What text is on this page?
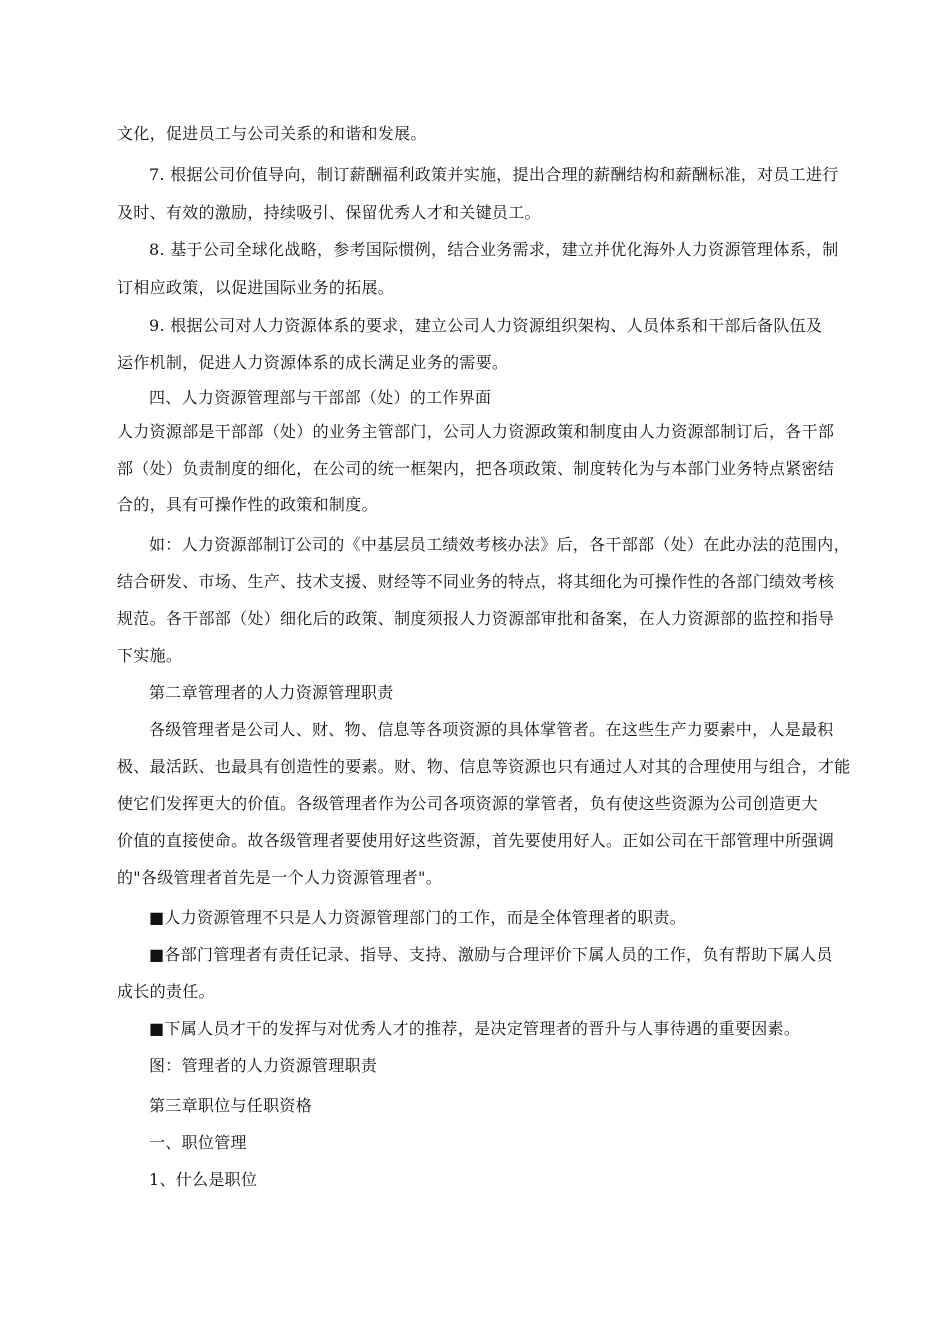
文化，促进员工与公司关系的和谐和发展。
7. 根据公司价值导向，制订薪酬福利政策并实施，提出合理的薪酬结构和薪酬标准，对员工进行
及时、有效的激励，持续吸引、保留优秀人才和关键员工。
8. 基于公司全球化战略，参考国际惯例，结合业务需求，建立并优化海外人力资源管理体系，制
订相应政策，以促进国际业务的拓展。
9. 根据公司对人力资源体系的要求，建立公司人力资源组织架构、人员体系和干部后备队伍及
运作机制，促进人力资源体系的成长满足业务的需要。
四、人力资源管理部与干部部（处）的工作界面
人力资源部是干部部（处）的业务主管部门，公司人力资源政策和制度由人力资源部制订后，各干部
部（处）负责制度的细化，在公司的统一框架内，把各项政策、制度转化为与本部门业务特点紧密结
合的，具有可操作性的政策和制度。
如：人力资源部制订公司的《中基层员工绩效考核办法》后，各干部部（处）在此办法的范围内，
结合研发、市场、生产、技术支援、财经等不同业务的特点，将其细化为可操作性的各部门绩效考核
规范。各干部部（处）细化后的政策、制度须报人力资源部审批和备案，在人力资源部的监控和指导
下实施。
第二章管理者的人力资源管理职责
各级管理者是公司人、财、物、信息等各项资源的具体掌管者。在这些生产力要素中，人是最积
极、最活跃、也最具有创造性的要素。财、物、信息等资源也只有通过人对其的合理使用与组合，才能
使它们发挥更大的价值。各级管理者作为公司各项资源的掌管者，负有使这些资源为公司创造更大
价值的直接使命。故各级管理者要使用好这些资源，首先要使用好人。正如公司在干部管理中所强调
的"各级管理者首先是一个人力资源管理者"。
■人力资源管理不只是人力资源管理部门的工作，而是全体管理者的职责。
■各部门管理者有责任记录、指导、支持、激励与合理评价下属人员的工作，负有帮助下属人员
成长的责任。
■下属人员才干的发挥与对优秀人才的推荐，是决定管理者的晋升与人事待遇的重要因素。
图：管理者的人力资源管理职责
第三章职位与任职资格
一、职位管理
1、什么是职位
